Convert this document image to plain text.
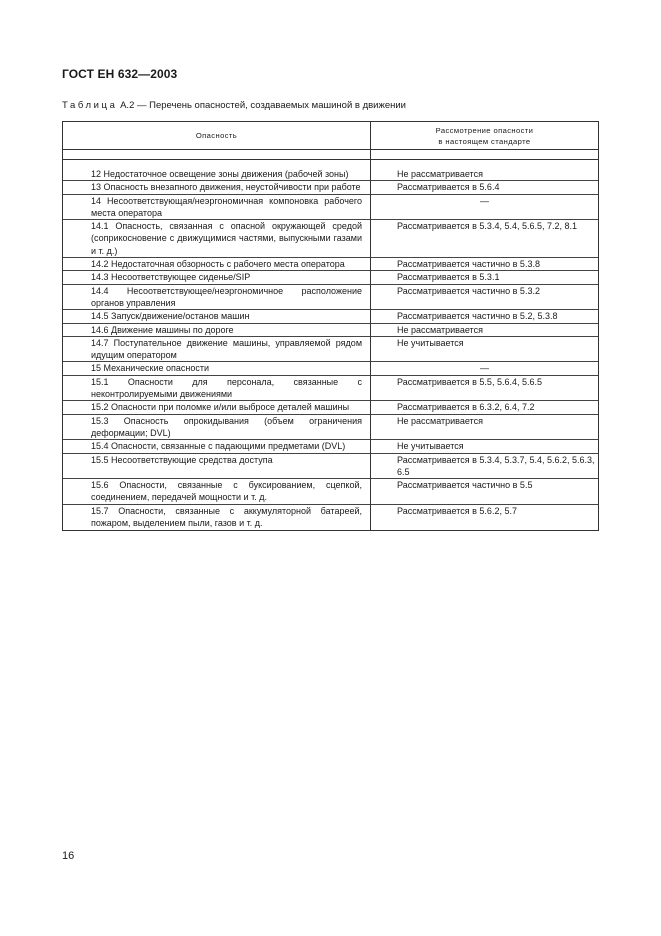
ГОСТ ЕН 632—2003
Таблица А.2 — Перечень опасностей, создаваемых машиной в движении
Опасность	Рассмотрение опасности
в настоящем стандарте

12 Недостаточное освещение зоны движения (рабочей зоны)	Не рассматривается

13 Опасность внезапного движения, неустойчивости при работе	Рассматривается в 5.6.4

14 Несоответствующая/неэргономичная компоновка рабочего места оператора	—

14.1 Опасность, связанная с опасной окружающей средой (соприкосновение с движущимися частями, выпускными газами и т. д.)	Рассматривается в 5.3.4, 5.4, 5.6.5, 7.2, 8.1

14.2 Недостаточная обзорность с рабочего места оператора	Рассматривается частично в 5.3.8

14.3 Несоответствующее сиденье/SIP	Рассматривается в 5.3.1

14.4 Несоответствующее/неэргономичное расположение органов управления	Рассматривается частично в 5.3.2

14.5 Запуск/движение/останов машин	Рассматривается частично в 5.2, 5.3.8

14.6 Движение машины по дороге	Не рассматривается

14.7 Поступательное движение машины, управляемой рядом идущим оператором	Не учитывается

15 Механические опасности	—

15.1 Опасности для персонала, связанные с неконтролируемыми движениями	Рассматривается в 5.5, 5.6.4, 5.6.5

15.2 Опасности при поломке и/или выбросе деталей машины	Рассматривается в 6.3.2, 6.4, 7.2

15.3 Опасность опрокидывания (объем ограничения деформации; DVL)	Не рассматривается

15.4 Опасности, связанные с падающими предметами (DVL)	Не учитывается

15.5 Несоответствующие средства доступа	Рассматривается в 5.3.4, 5.3.7, 5.4, 5.6.2, 5.6.3, 6.5

15.6 Опасности, связанные с буксированием, сцепкой, соединением, передачей мощности и т. д.	Рассматривается частично в 5.5

15.7 Опасности, связанные с аккумуляторной батареей, пожаром, выделением пыли, газов и т. д.	Рассматривается в 5.6.2, 5.7
16
